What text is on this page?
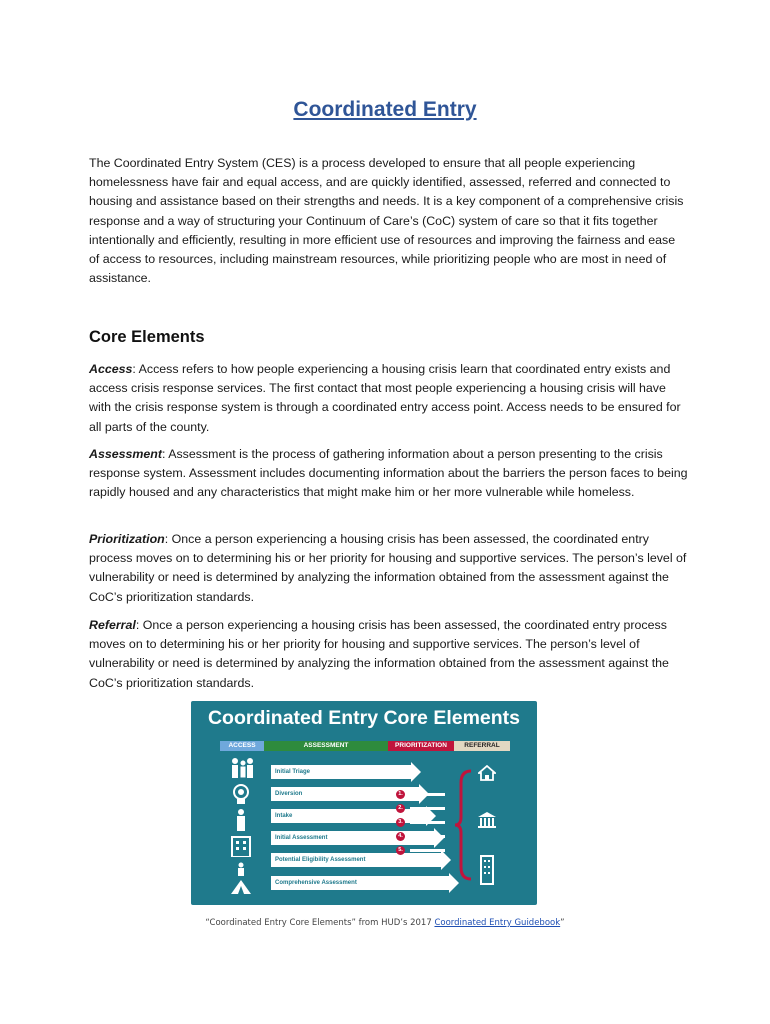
Coordinated Entry

The Coordinated Entry System (CES) is a process developed to ensure that all people experiencing homelessness have fair and equal access, and are quickly identified, assessed, referred and connected to housing and assistance based on their strengths and needs. It is a key component of a comprehensive crisis response and a way of structuring your Continuum of Care’s (CoC) system of care so that it fits together intentionally and efficiently, resulting in more efficient use of resources and improving the fairness and ease of access to resources, including mainstream resources, while prioritizing people who are most in need of assistance.

Core Elements

Access: Access refers to how people experiencing a housing crisis learn that coordinated entry exists and access crisis response services. The first contact that most people experiencing a housing crisis will have with the crisis response system is through a coordinated entry access point. Access needs to be ensured for all parts of the county.

Assessment: Assessment is the process of gathering information about a person presenting to the crisis response system. Assessment includes documenting information about the barriers the person faces to being rapidly housed and any characteristics that might make him or her more vulnerable while homeless.

Prioritization: Once a person experiencing a housing crisis has been assessed, the coordinated entry process moves on to determining his or her priority for housing and supportive services. The person’s level of vulnerability or need is determined by analyzing the information obtained from the assessment against the CoC’s prioritization standards.

Referral: Once a person experiencing a housing crisis has been assessed, the coordinated entry process moves on to determining his or her priority for housing and supportive services. The person’s level of vulnerability or need is determined by analyzing the information obtained from the assessment against the CoC’s prioritization standards.

Coordinated Entry Core Elements
ACCESS	ASSESSMENT	PRIORITIZATION	REFERRAL
Initial Triage
Diversion
Intake
Initial Assessment
Potential Eligibility Assessment
Comprehensive Assessment
1.
2.
3.
4.
5.
“Coordinated Entry Core Elements” from HUD’s 2017 Coordinated Entry Guidebook”
